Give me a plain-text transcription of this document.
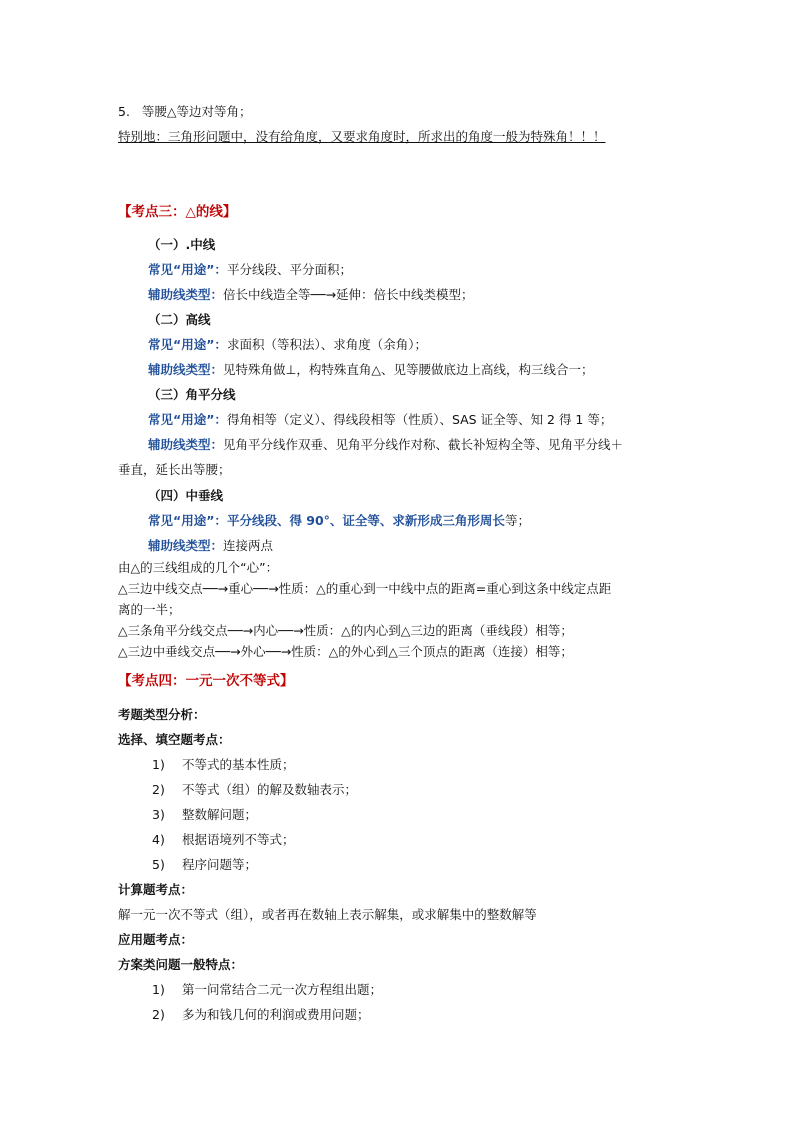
5. 等腰△等边对等角；
特别地：三角形问题中，没有给角度，又要求角度时，所求出的角度一般为特殊角！！！
【考点三：△的线】
（一）.中线
常见“用途”：平分线段、平分面积；
辅助线类型：倍长中线造全等──→延伸：倍长中线类模型；
（二）高线
常见“用途”：求面积（等积法）、求角度（余角）；
辅助线类型：见特殊角做⊥，构特殊直角△、见等腰做底边上高线，构三线合一；
（三）角平分线
常见“用途”：得角相等（定义）、得线段相等（性质）、SAS 证全等、知 2 得 1 等；
辅助线类型：见角平分线作双垂、见角平分线作对称、截长补短构全等、见角平分线＋
垂直，延长出等腰；
（四）中垂线
常见“用途”：平分线段、得 90°、证全等、求新形成三角形周长等；
辅助线类型：连接两点
由△的三线组成的几个“心”：
△三边中线交点──→重心──→性质：△的重心到一中线中点的距离=重心到这条中线定点距
离的一半；
△三条角平分线交点──→内心──→性质：△的内心到△三边的距离（垂线段）相等；
△三边中垂线交点──→外心──→性质：△的外心到△三个顶点的距离（连接）相等；
【考点四：一元一次不等式】
考题类型分析：
选择、填空题考点：
1) 不等式的基本性质；
2) 不等式（组）的解及数轴表示；
3) 整数解问题；
4) 根据语境列不等式；
5) 程序问题等；
计算题考点：
解一元一次不等式（组），或者再在数轴上表示解集，或求解集中的整数解等
应用题考点：
方案类问题一般特点：
1) 第一问常结合二元一次方程组出题；
2) 多为和钱几何的利润或费用问题；
